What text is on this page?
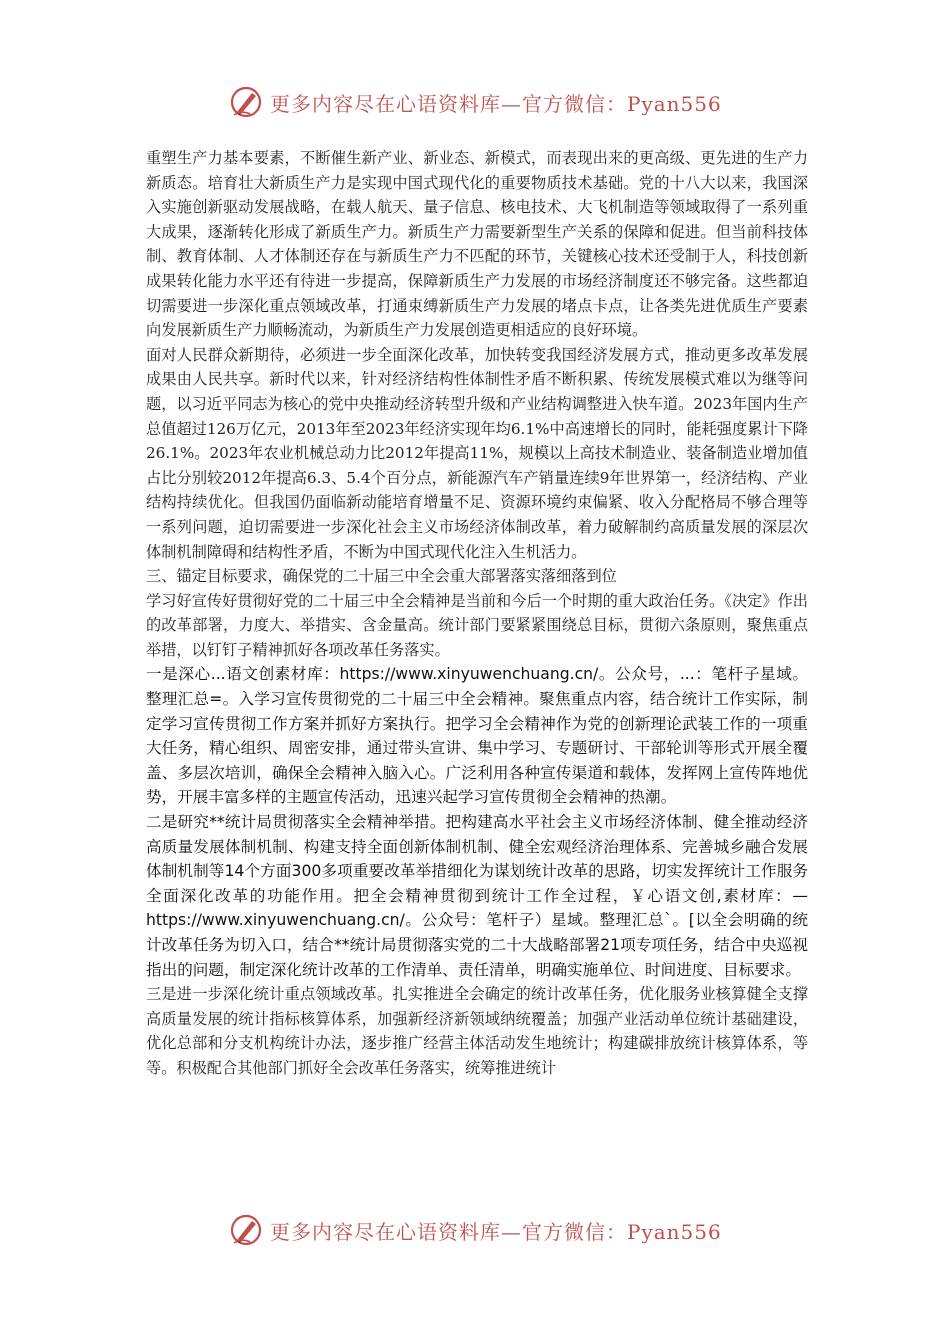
更多内容尽在心语资料库—官方微信：Pyan556

重塑生产力基本要素，不断催生新产业、新业态、新模式，而表现出来的更高级、更先进的生产力新质态。培育壮大新质生产力是实现中国式现代化的重要物质技术基础。党的十八大以来，我国深入实施创新驱动发展战略，在载人航天、量子信息、核电技术、大飞机制造等领域取得了一系列重大成果，逐渐转化形成了新质生产力。新质生产力需要新型生产关系的保障和促进。但当前科技体制、教育体制、人才体制还存在与新质生产力不匹配的环节，关键核心技术还受制于人，科技创新成果转化能力水平还有待进一步提高，保障新质生产力发展的市场经济制度还不够完备。这些都迫切需要进一步深化重点领域改革，打通束缚新质生产力发展的堵点卡点，让各类先进优质生产要素向发展新质生产力顺畅流动，为新质生产力发展创造更相适应的良好环境。

面对人民群众新期待，必须进一步全面深化改革，加快转变我国经济发展方式，推动更多改革发展成果由人民共享。新时代以来，针对经济结构性体制性矛盾不断积累、传统发展模式难以为继等问题，以习近平同志为核心的党中央推动经济转型升级和产业结构调整进入快车道。2023年国内生产总值超过126万亿元，2013年至2023年经济实现年均6.1%中高速增长的同时，能耗强度累计下降26.1%。2023年农业机械总动力比2012年提高11%，规模以上高技术制造业、装备制造业增加值占比分别较2012年提高6.3、5.4个百分点，新能源汽车产销量连续9年世界第一，经济结构、产业结构持续优化。但我国仍面临新动能培育增量不足、资源环境约束偏紧、收入分配格局不够合理等一系列问题，迫切需要进一步深化社会主义市场经济体制改革，着力破解制约高质量发展的深层次体制机制障碍和结构性矛盾，不断为中国式现代化注入生机活力。

三、锚定目标要求，确保党的二十届三中全会重大部署落实落细落到位

学习好宣传好贯彻好党的二十届三中全会精神是当前和今后一个时期的重大政治任务。《决定》作出的改革部署，力度大、举措实、含金量高。统计部门要紧紧围绕总目标，贯彻六条原则，聚焦重点举措，以钉钉子精神抓好各项改革任务落实。

一是深心...语文创素材库：https://www.xinyuwenchuang.cn/。公众号，...：笔杆子星域。整理汇总=。入学习宣传贯彻党的二十届三中全会精神。聚焦重点内容，结合统计工作实际，制定学习宣传贯彻工作方案并抓好方案执行。把学习全会精神作为党的创新理论武装工作的一项重大任务，精心组织、周密安排，通过带头宣讲、集中学习、专题研讨、干部轮训等形式开展全覆盖、多层次培训，确保全会精神入脑入心。广泛利用各种宣传渠道和载体，发挥网上宣传阵地优势，开展丰富多样的主题宣传活动，迅速兴起学习宣传贯彻全会精神的热潮。

二是研究**统计局贯彻落实全会精神举措。把构建高水平社会主义市场经济体制、健全推动经济高质量发展体制机制、构建支持全面创新体制机制、健全宏观经济治理体系、完善城乡融合发展体制机制等14个方面300多项重要改革举措细化为谋划统计改革的思路，切实发挥统计工作服务全面深化改革的功能作用。把全会精神贯彻到统计工作全过程，￥心语文创,素材库：—https://www.xinyuwenchuang.cn/。公众号：笔杆子）星域。整理汇总`。[以全会明确的统计改革任务为切入口，结合**统计局贯彻落实党的二十大战略部署21项专项任务，结合中央巡视指出的问题，制定深化统计改革的工作清单、责任清单，明确实施单位、时间进度、目标要求。

三是进一步深化统计重点领域改革。扎实推进全会确定的统计改革任务，优化服务业核算健全支撑高质量发展的统计指标核算体系，加强新经济新领域纳统覆盖；加强产业活动单位统计基础建设，优化总部和分支机构统计办法，逐步推广经营主体活动发生地统计；构建碳排放统计核算体系，等等。积极配合其他部门抓好全会改革任务落实，统筹推进统计

更多内容尽在心语资料库—官方微信：Pyan556
